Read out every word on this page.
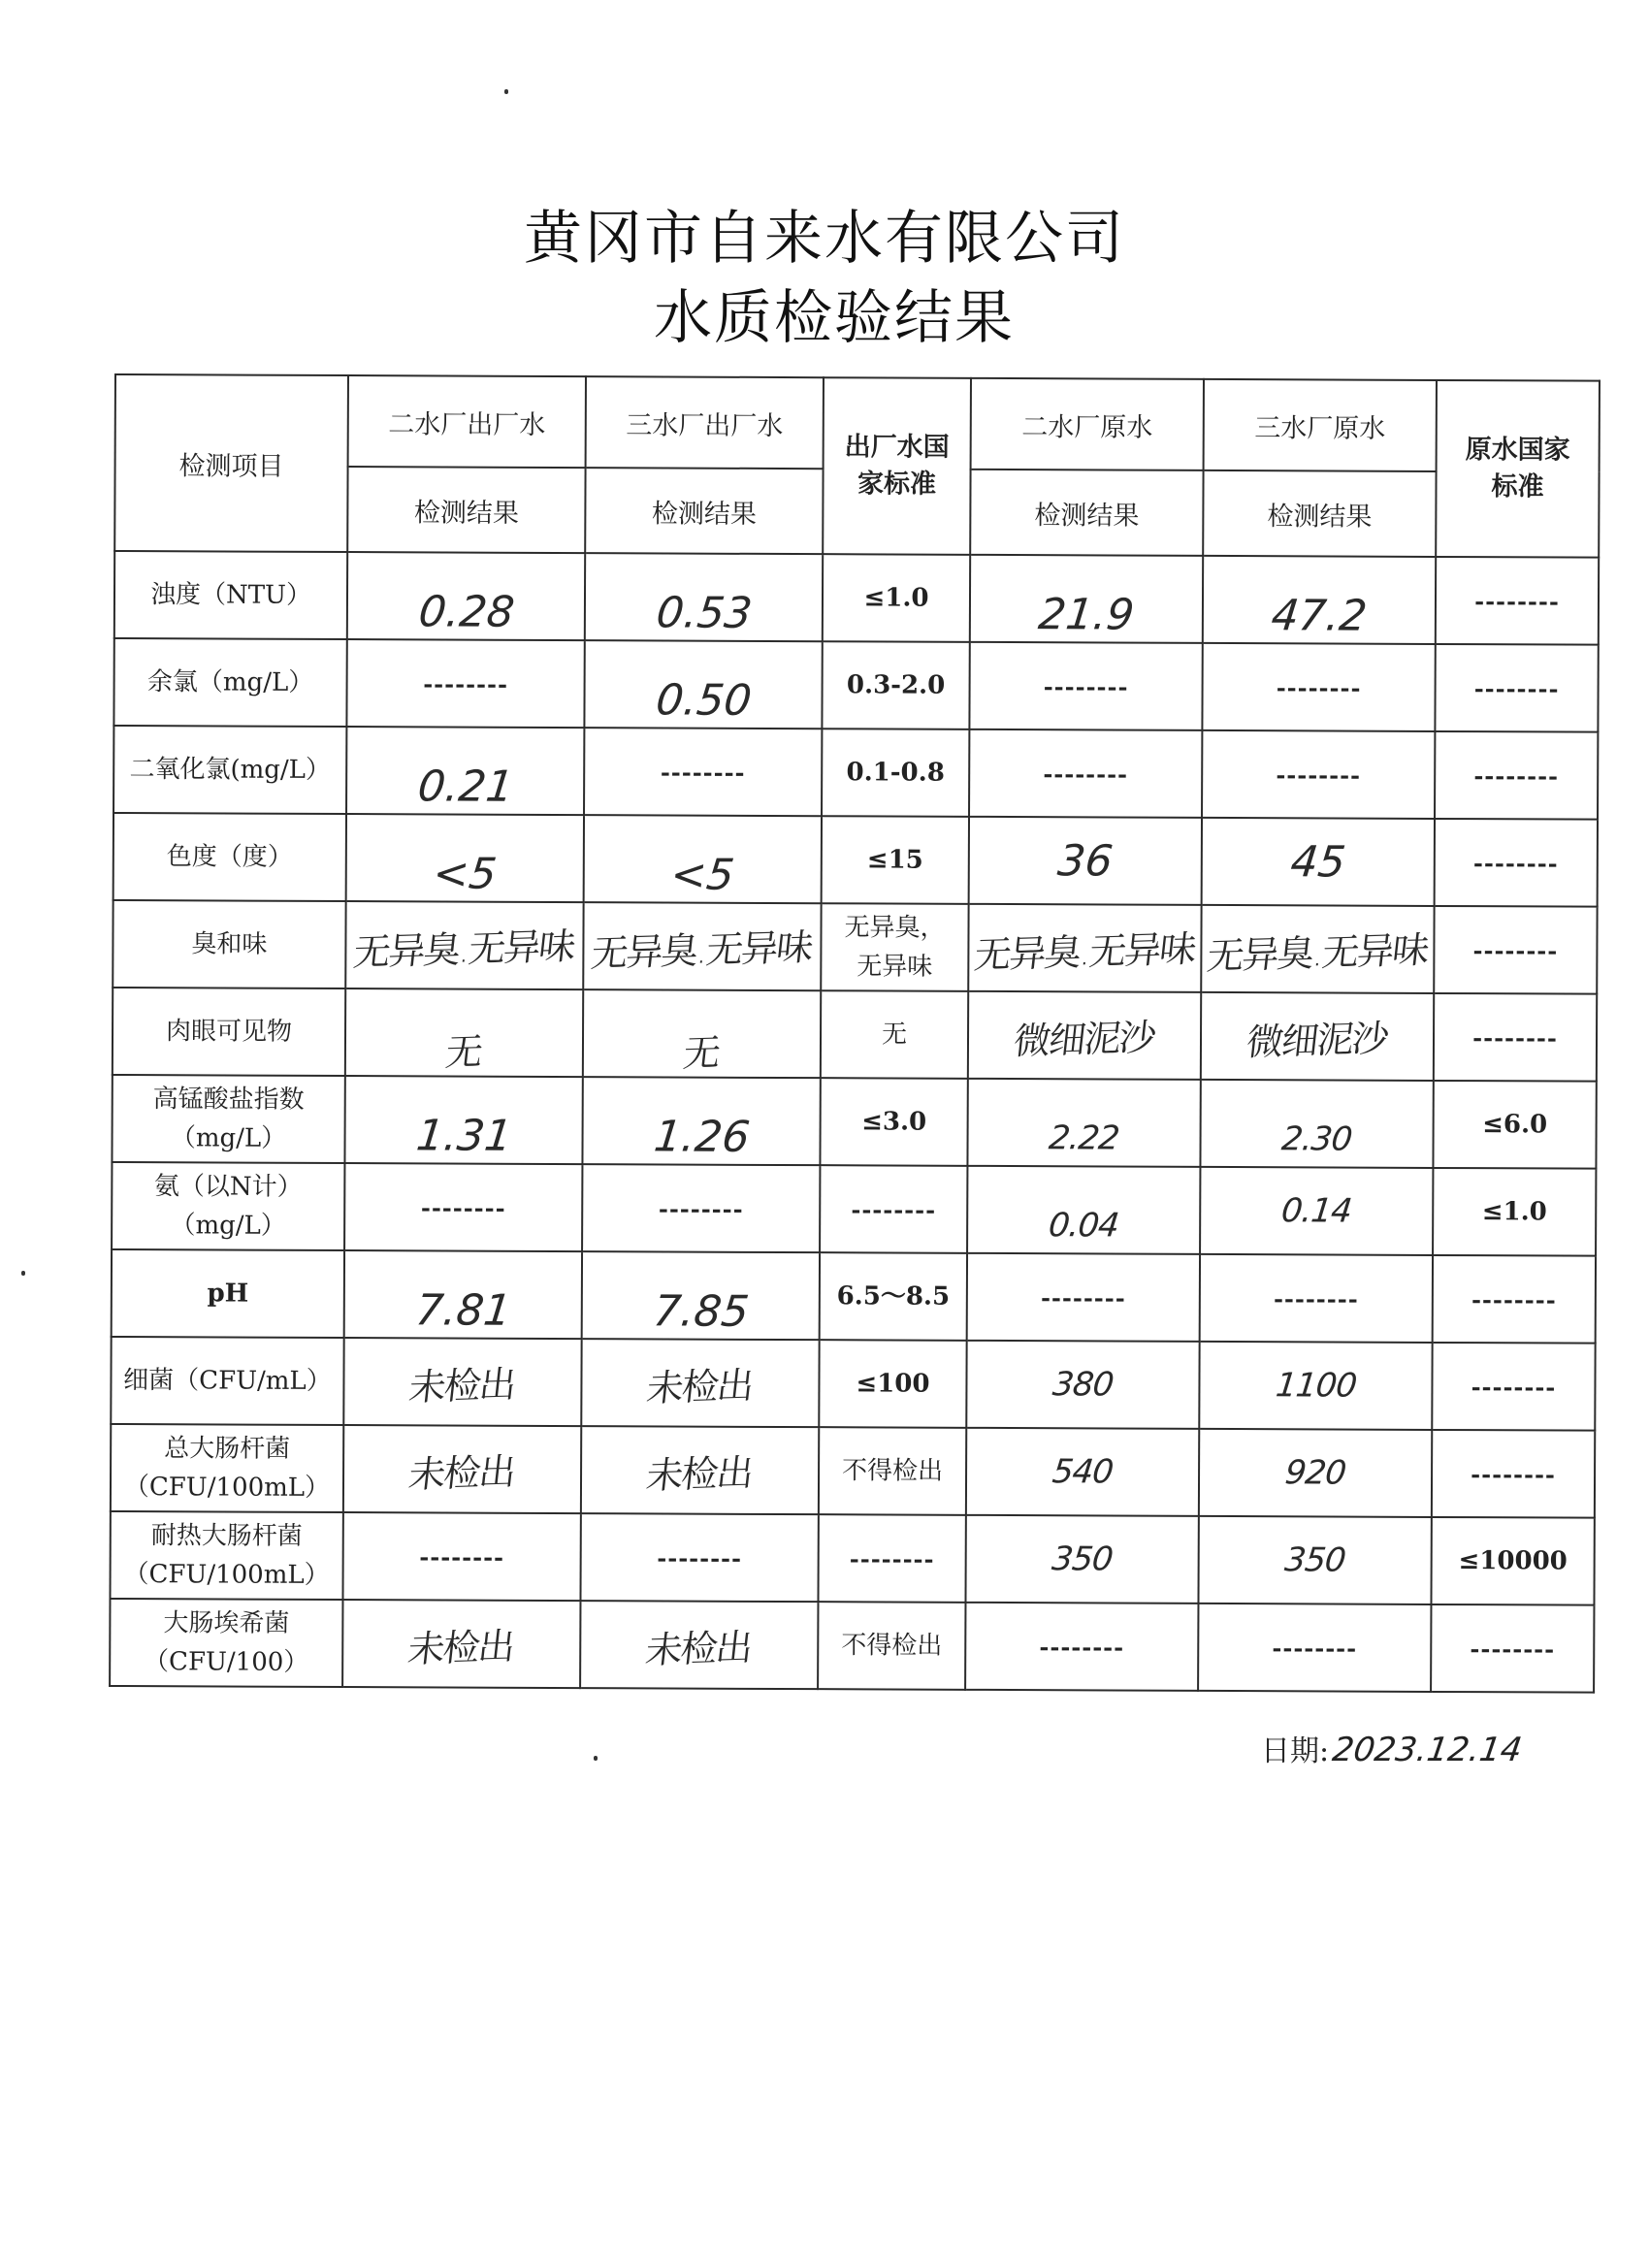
黄冈市自来水有限公司
水质检验结果
检测项目	二水厂出厂水	三水厂出厂水	出厂水国家标准	二水厂原水	三水厂原水	原水国家标准
	检测结果	检测结果		检测结果	检测结果	
浊度（NTU）	0.28	0.53	≤1.0	21.9	47.2	--------
余氯（mg/L）	--------	0.50	0.3-2.0	--------	--------	--------
二氧化氯(mg/L）	0.21	--------	0.1-0.8	--------	--------	--------
色度（度）	<5	<5	≤15	36	45	--------
臭和味	无异臭.无异味	无异臭.无异味	无异臭，无异味	无异臭.无异味	无异臭.无异味	--------
肉眼可见物	无	无	无	微细泥沙	微细泥沙	--------
高锰酸盐指数（mg/L）	1.31	1.26	≤3.0	2.22	2.30	≤6.0
氨（以N计）（mg/L）	--------	--------	--------	0.04	0.14	≤1.0
pH	7.81	7.85	6.5～8.5	--------	--------	--------
细菌（CFU/mL）	未检出	未检出	≤100	380	1100	--------
总大肠杆菌（CFU/100mL）	未检出	未检出	不得检出	540	920	--------
耐热大肠杆菌（CFU/100mL）	--------	--------	--------	350	350	≤10000
大肠埃希菌（CFU/100）	未检出	未检出	不得检出	--------	--------	--------
日期:2023.12.14
